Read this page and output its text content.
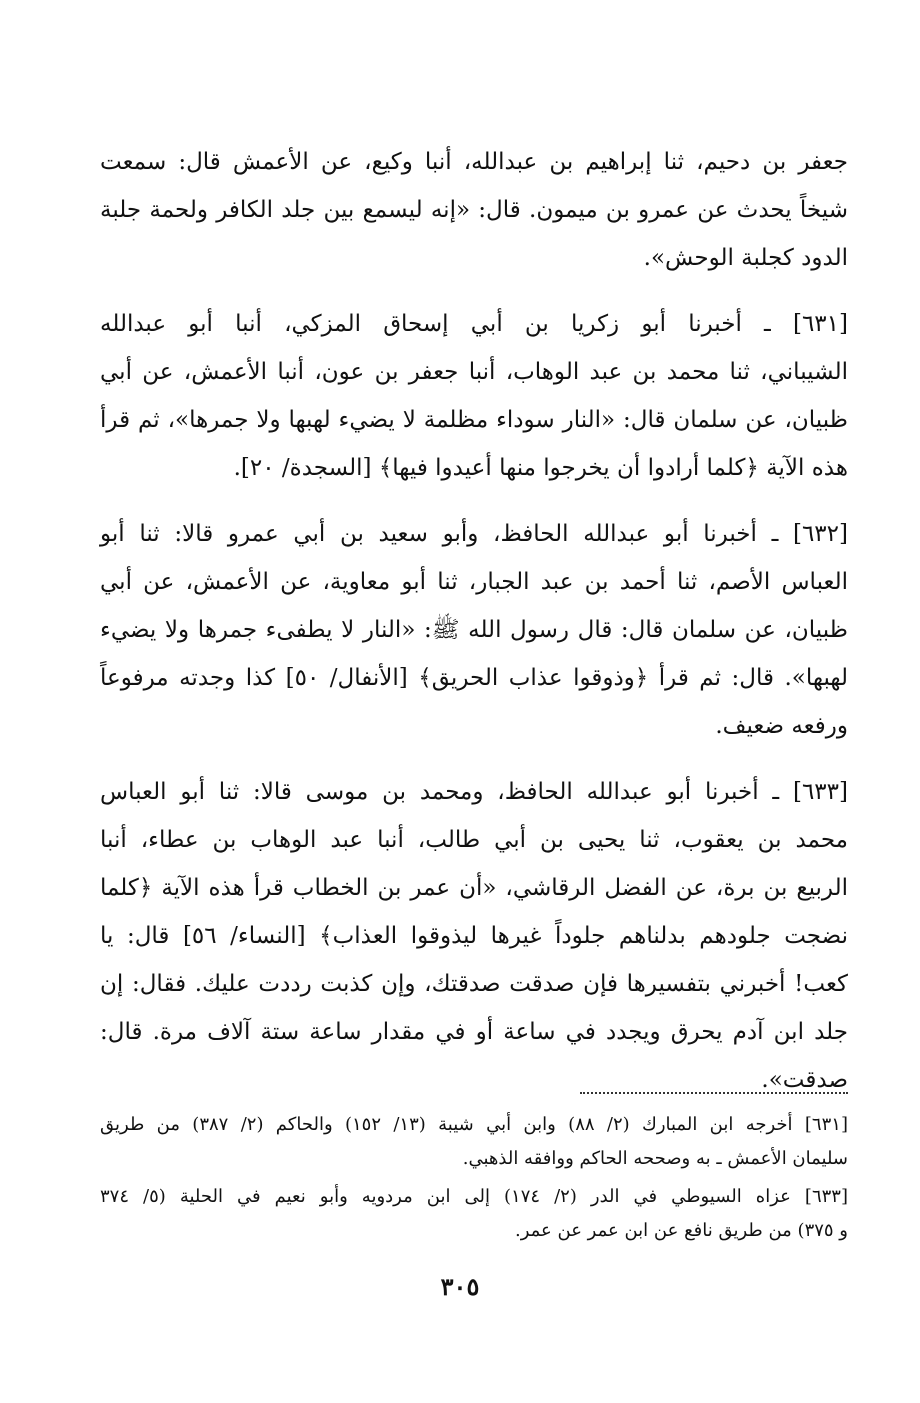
جعفر بن دحيم، ثنا إبراهيم بن عبدالله، أنبا وكيع، عن الأعمش قال: سمعت
شيخاً يحدث عن عمرو بن ميمون. قال: «إنه ليسمع بين جلد الكافر ولحمة جلبة
الدود كجلبة الوحش».

[٦٣١] ـ أخبرنا أبو زكريا بن أبي إسحاق المزكي، أنبا أبو عبدالله
الشيباني، ثنا محمد بن عبد الوهاب، أنبا جعفر بن عون، أنبا الأعمش، عن أبي
ظبيان، عن سلمان قال: «النار سوداء مظلمة لا يضيء لهبها ولا جمرها»، ثم قرأ
هذه الآية ﴿كلما أرادوا أن يخرجوا منها أعيدوا فيها﴾ [السجدة/ ٢٠].

[٦٣٢] ـ أخبرنا أبو عبدالله الحافظ، وأبو سعيد بن أبي عمرو قالا: ثنا أبو
العباس الأصم، ثنا أحمد بن عبد الجبار، ثنا أبو معاوية، عن الأعمش، عن أبي
ظبيان، عن سلمان قال: قال رسول الله ﷺ: «النار لا يطفىء جمرها ولا يضيء
لهبها». قال: ثم قرأ ﴿وذوقوا عذاب الحريق﴾ [الأنفال/ ٥٠] كذا وجدته مرفوعاً
ورفعه ضعيف.

[٦٣٣] ـ أخبرنا أبو عبدالله الحافظ، ومحمد بن موسى قالا: ثنا أبو العباس
محمد بن يعقوب، ثنا يحيى بن أبي طالب، أنبا عبد الوهاب بن عطاء، أنبا
الربيع بن برة، عن الفضل الرقاشي، «أن عمر بن الخطاب قرأ هذه الآية ﴿كلما
نضجت جلودهم بدلناهم جلوداً غيرها ليذوقوا العذاب﴾ [النساء/ ٥٦] قال: يا
كعب! أخبرني بتفسيرها فإن صدقت صدقتك، وإن كذبت رددت عليك. فقال: إن
جلد ابن آدم يحرق ويجدد في ساعة أو في مقدار ساعة ستة آلاف مرة. قال:
صدقت».

[٦٣١] أخرجه ابن المبارك (٢/ ٨٨) وابن أبي شيبة (١٣/ ١٥٢) والحاكم (٢/ ٣٨٧) من طريق
سليمان الأعمش ـ به وصححه الحاكم ووافقه الذهبي.

[٦٣٣] عزاه السيوطي في الدر (٢/ ١٧٤) إلى ابن مردويه وأبو نعيم في الحلية (٥/ ٣٧٤
و ٣٧٥) من طريق نافع عن ابن عمر عن عمر.

٣٠٥
